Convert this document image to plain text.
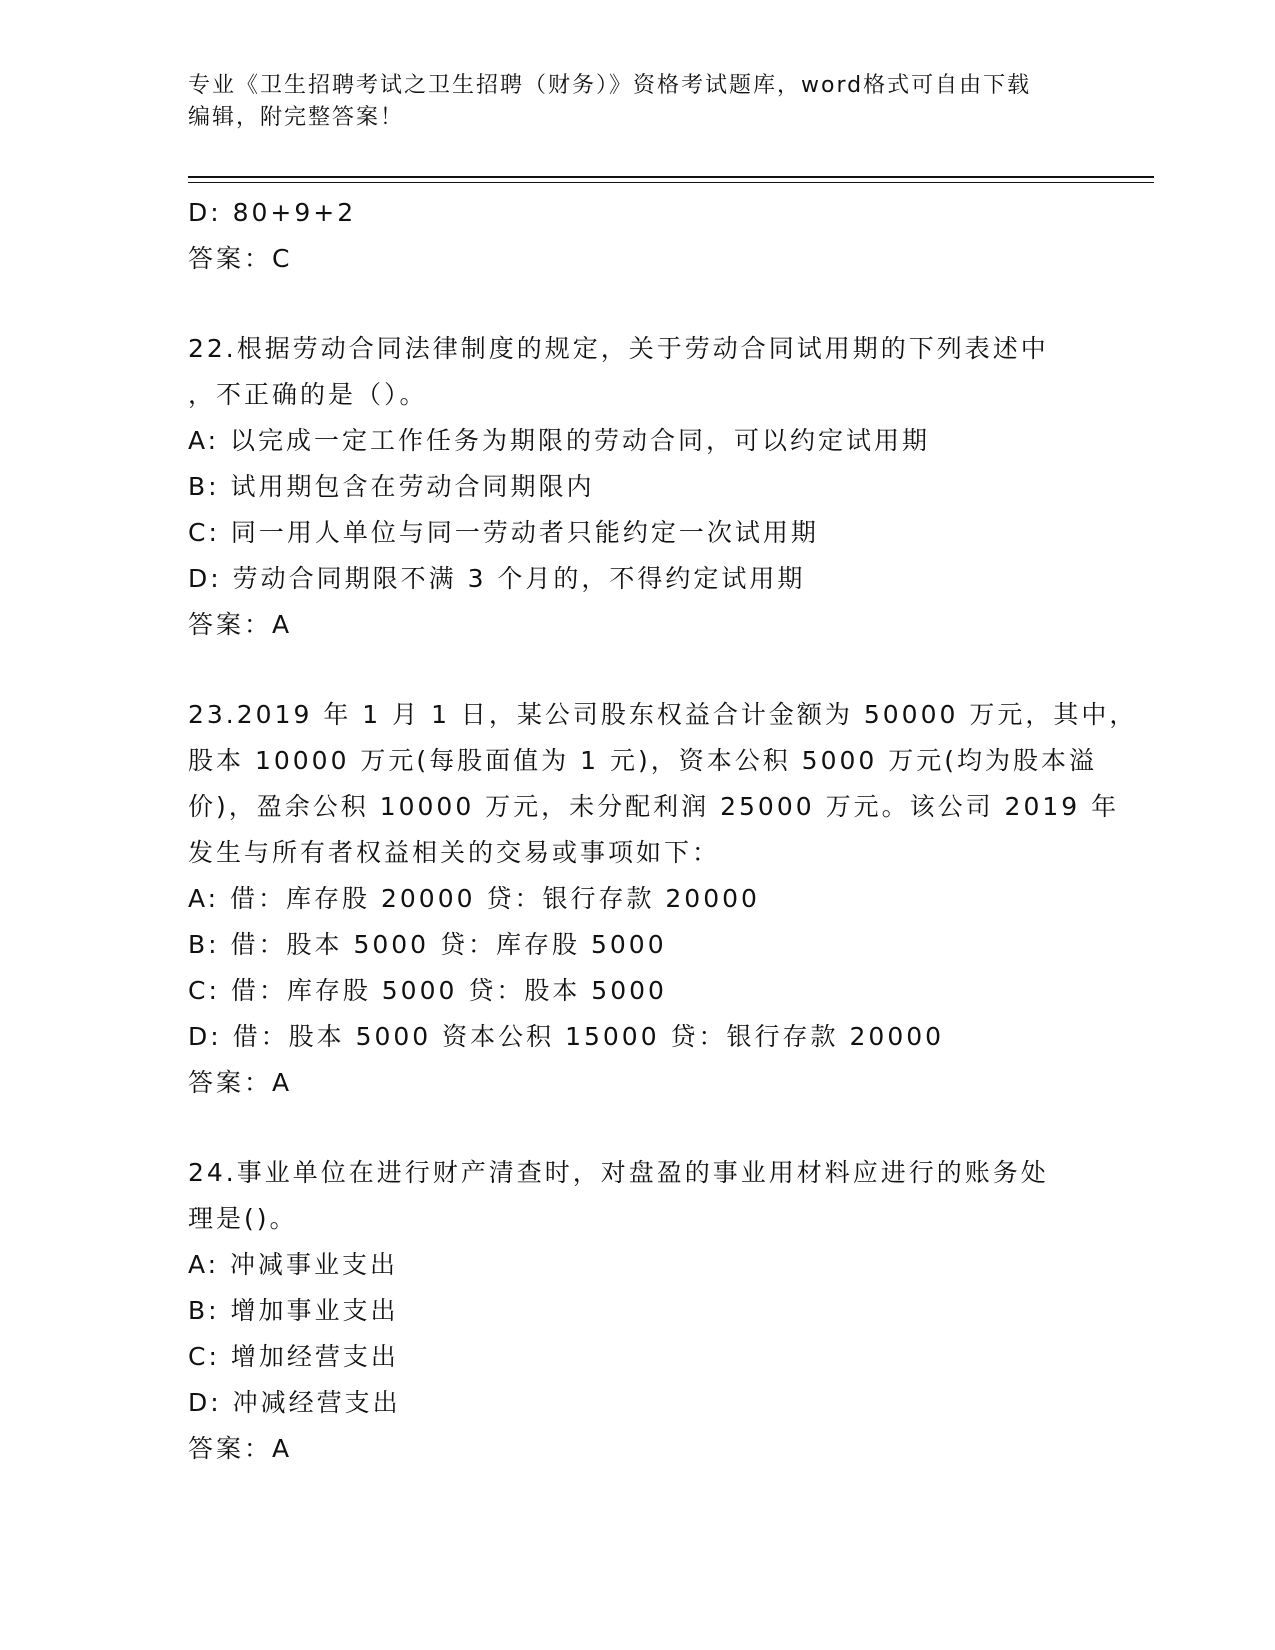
专业《卫生招聘考试之卫生招聘（财务）》资格考试题库，word格式可自由下载
编辑，附完整答案！
D: 80+9+2
答案：C
22.根据劳动合同法律制度的规定，关于劳动合同试用期的下列表述中
，不正确的是（）。
A: 以完成一定工作任务为期限的劳动合同，可以约定试用期
B: 试用期包含在劳动合同期限内
C: 同一用人单位与同一劳动者只能约定一次试用期
D: 劳动合同期限不满 3 个月的，不得约定试用期
答案：A
23.2019 年 1 月 1 日，某公司股东权益合计金额为 50000 万元，其中，
股本 10000 万元(每股面值为 1 元)，资本公积 5000 万元(均为股本溢
价)，盈余公积 10000 万元，未分配利润 25000 万元。该公司 2019 年
发生与所有者权益相关的交易或事项如下：
A: 借：库存股 20000 贷：银行存款 20000
B: 借：股本 5000 贷：库存股 5000
C: 借：库存股 5000 贷：股本 5000
D: 借：股本 5000 资本公积 15000 贷：银行存款 20000
答案：A
24.事业单位在进行财产清查时，对盘盈的事业用材料应进行的账务处
理是()。
A: 冲减事业支出
B: 增加事业支出
C: 增加经营支出
D: 冲减经营支出
答案：A
